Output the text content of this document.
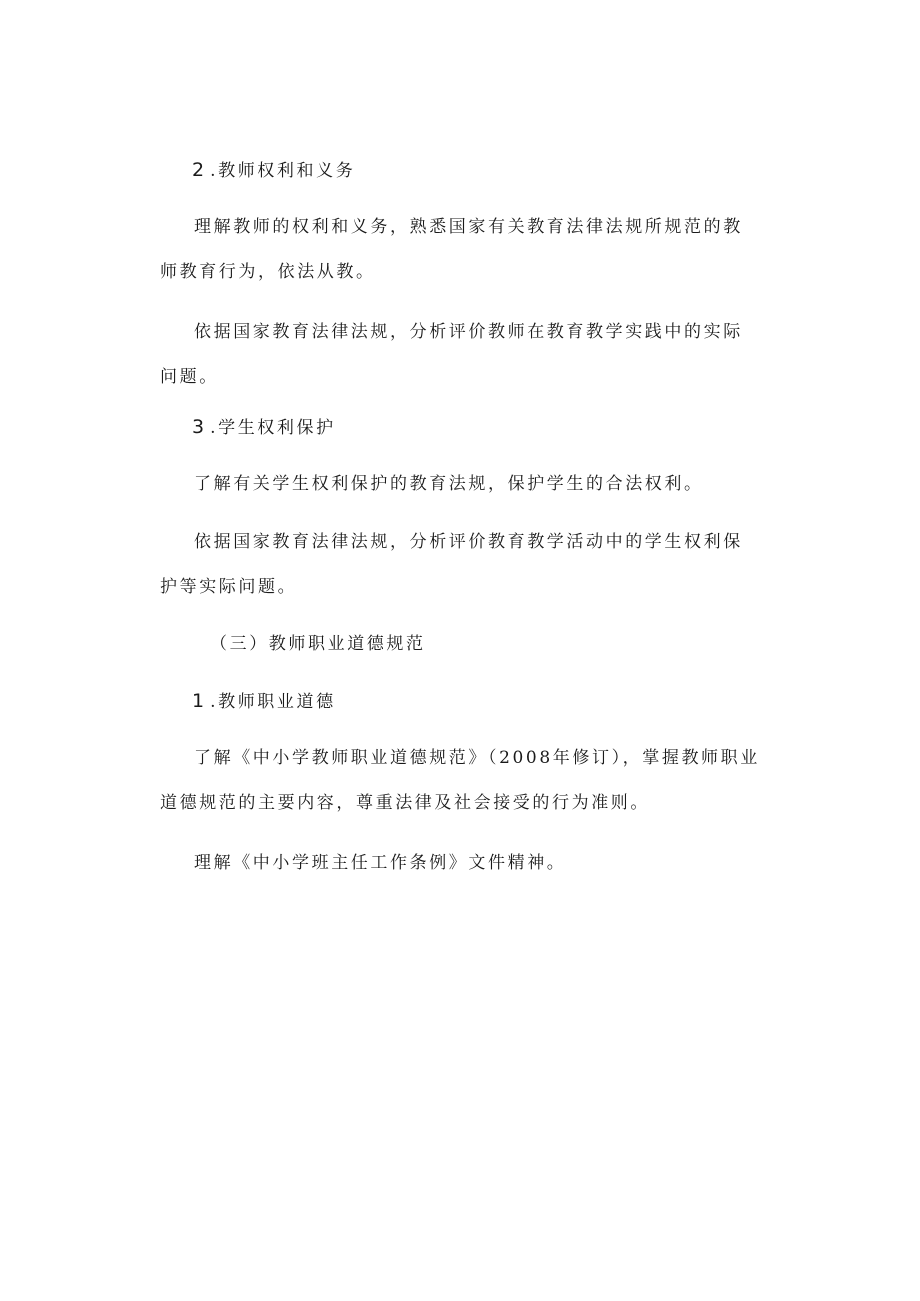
2 .教师权利和义务

理解教师的权利和义务，熟悉国家有关教育法律法规所规范的教师教育行为，依法从教。

依据国家教育法律法规，分析评价教师在教育教学实践中的实际问题。

3 .学生权利保护

了解有关学生权利保护的教育法规，保护学生的合法权利。

依据国家教育法律法规，分析评价教育教学活动中的学生权利保护等实际问题。

（三）教师职业道德规范
1 .教师职业道德

了解《中小学教师职业道德规范》（2008年修订），掌握教师职业道德规范的主要内容，尊重法律及社会接受的行为准则。

理解《中小学班主任工作条例》文件精神。
